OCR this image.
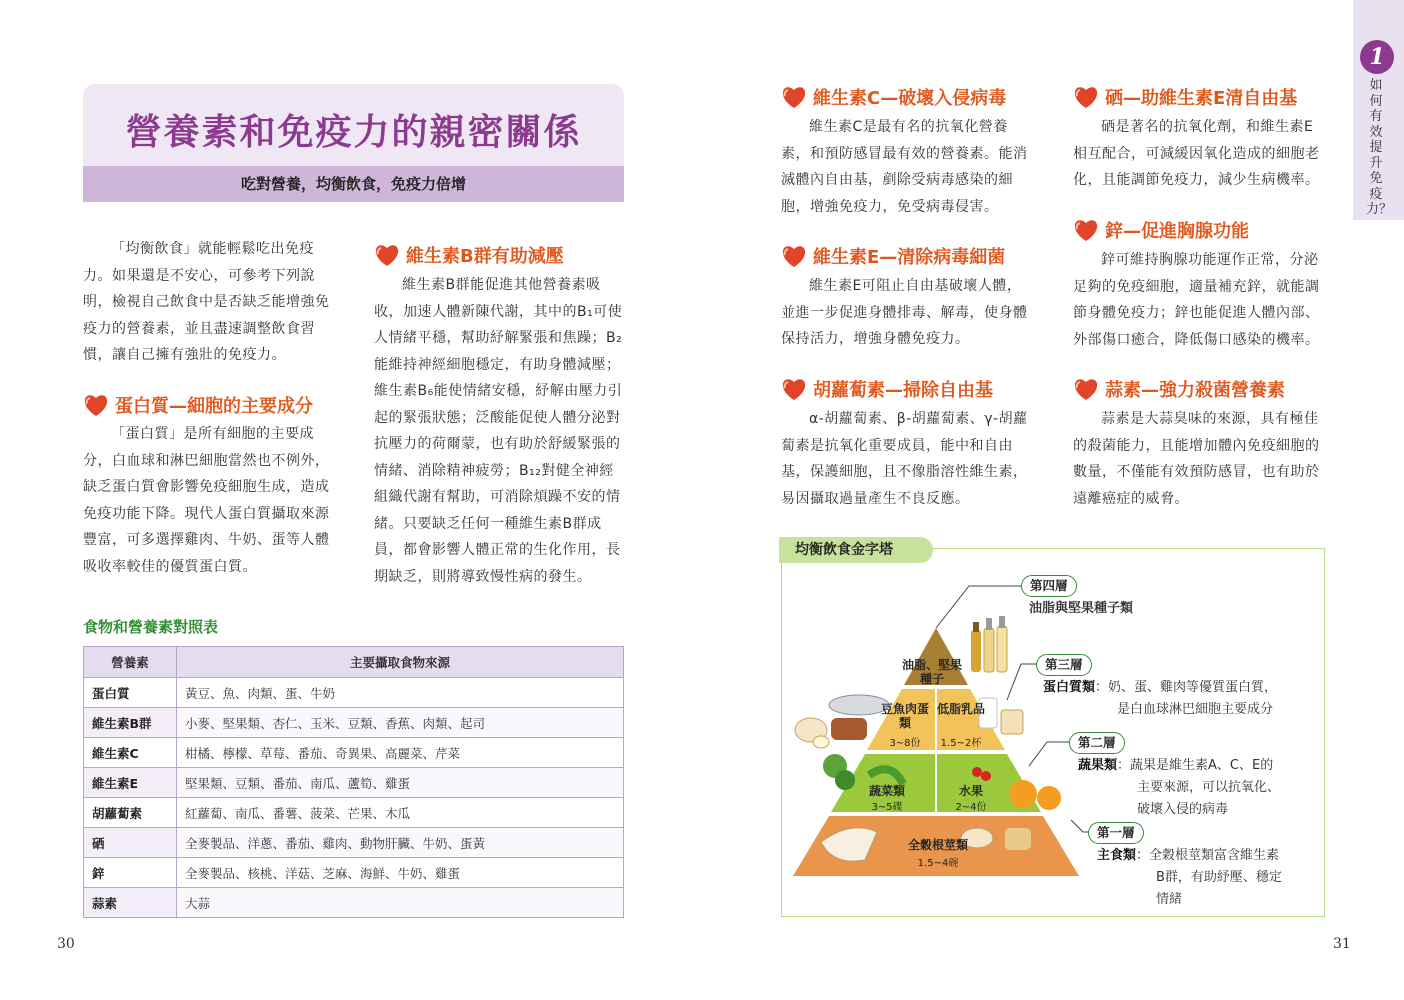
營養素和免疫力的親密關係
吃對營養，均衡飲食，免疫力倍增
「均衡飲食」就能輕鬆吃出免疫力。如果還是不安心，可參考下列說明，檢視自己飲食中是否缺乏能增強免疫力的營養素，並且盡速調整飲食習慣，讓自己擁有強壯的免疫力。
蛋白質—細胞的主要成分
「蛋白質」是所有細胞的主要成分，白血球和淋巴細胞當然也不例外，缺乏蛋白質會影響免疫細胞生成，造成免疫功能下降。現代人蛋白質攝取來源豐富，可多選擇雞肉、牛奶、蛋等人體吸收率較佳的優質蛋白質。
維生素B群有助減壓
維生素B群能促進其他營養素吸收，加速人體新陳代謝，其中的B₁可使人情緒平穩，幫助紓解緊張和焦躁；B₂能維持神經細胞穩定，有助身體減壓；維生素B₆能使情緒安穩，紓解由壓力引起的緊張狀態；泛酸能促使人體分泌對抗壓力的荷爾蒙，也有助於舒緩緊張的情緒、消除精神疲勞；B₁₂對健全神經組織代謝有幫助，可消除煩躁不安的情緒。只要缺乏任何一種維生素B群成員，都會影響人體正常的生化作用，長期缺乏，則將導致慢性病的發生。
食物和營養素對照表
營養素	主要攝取食物來源
蛋白質	黃豆、魚、肉類、蛋、牛奶
維生素B群	小麥、堅果類、杏仁、玉米、豆類、香蕉、肉類、起司
維生素C	柑橘、檸檬、草莓、番茄、奇異果、高麗菜、芹菜
維生素E	堅果類、豆類、番茄、南瓜、蘆筍、雞蛋
胡蘿蔔素	紅蘿蔔、南瓜、番薯、菠菜、芒果、木瓜
硒	全麥製品、洋蔥、番茄、雞肉、動物肝臟、牛奶、蛋黃
鋅	全麥製品、核桃、洋菇、芝麻、海鮮、牛奶、雞蛋
蒜素	大蒜
30
1
如何有效提升免疫力？
維生素C—破壞入侵病毒
維生素C是最有名的抗氧化營養素，和預防感冒最有效的營養素。能消滅體內自由基，剷除受病毒感染的細胞，增強免疫力，免受病毒侵害。
維生素E—清除病毒細菌
維生素E可阻止自由基破壞人體，並進一步促進身體排毒、解毒，使身體保持活力，增強身體免疫力。
胡蘿蔔素—掃除自由基
α-胡蘿蔔素、β-胡蘿蔔素、γ-胡蘿蔔素是抗氧化重要成員，能中和自由基，保護細胞，且不像脂溶性維生素，易因攝取過量產生不良反應。
硒—助維生素E清自由基
硒是著名的抗氧化劑，和維生素E相互配合，可減緩因氧化造成的細胞老化，且能調節免疫力，減少生病機率。
鋅—促進胸腺功能
鋅可維持胸腺功能運作正常，分泌足夠的免疫細胞，適量補充鋅，就能調節身體免疫力；鋅也能促進人體內部、外部傷口癒合，降低傷口感染的機率。
蒜素—強力殺菌營養素
蒜素是大蒜臭味的來源，具有極佳的殺菌能力，且能增加體內免疫細胞的數量，不僅能有效預防感冒，也有助於遠離癌症的威脅。
均衡飲食金字塔
油脂、堅果種子
豆魚肉蛋類
3~8份
低脂乳品
1.5~2杯
蔬菜類
3~5碟
水果
2~4份
全穀根莖類
1.5~4碗
第四層
油脂與堅果種子類
第三層
蛋白質類：奶、蛋、雞肉等優質蛋白質，
是白血球淋巴細胞主要成分
第二層
蔬果類：蔬果是維生素A、C、E的
主要來源，可以抗氧化、
破壞入侵的病毒
第一層
主食類：全穀根莖類富含維生素
B群，有助紓壓、穩定
情緒
31
